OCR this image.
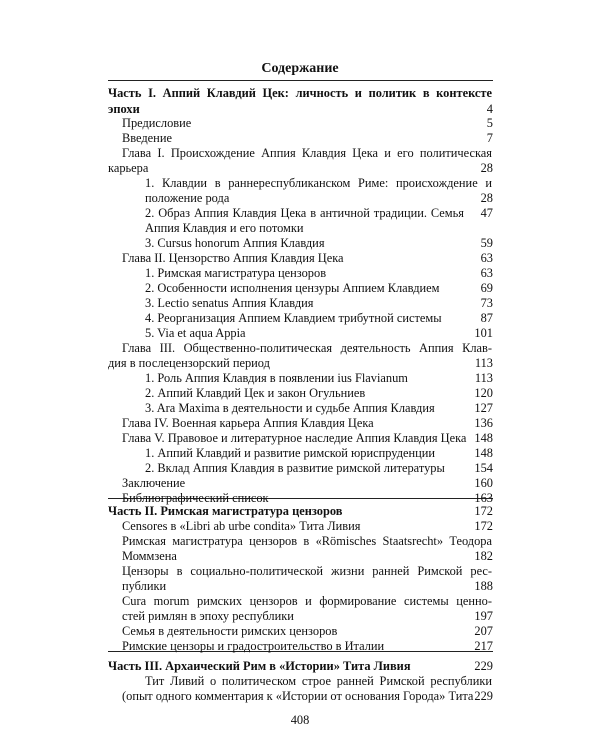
Содержание
Часть I. Аппий Клавдий Цек: личность и политик в контексте
эпохи	4
Предисловие	5
Введение	7
Глава I. Происхождение Аппия Клавдия Цека и его политическая
карьера	28
1. Клавдии в раннереспубликанском Риме: происхождение и
положение рода	28
2. Образ Аппия Клавдия Цека в античной традиции. Семья 47
Аппия Клавдия и его потомки
3. Cursus honorum Аппия Клавдия	59
Глава II. Цензорство Аппия Клавдия Цека	63
1. Римская магистратура цензоров	63
2. Особенности исполнения цензуры Аппием Клавдием	69
3. Lectio senatus Аппия Клавдия	73
4. Реорганизация Аппием Клавдием трибутной системы	87
5. Via et aqua Appia	101
Глава III. Общественно-политическая деятельность Аппия Клав-
дия в послецензорский период	113
1. Роль Аппия Клавдия в появлении ius Flavianum	113
2. Аппий Клавдий Цек и закон Огульниев	120
3. Ara Maxima в деятельности и судьбе Аппия Клавдия	127
Глава IV. Военная карьера Аппия Клавдия Цека	136
Глава V. Правовое и литературное наследие Аппия Клавдия Цека 148
1. Аппий Клавдий и развитие римской юриспруденции	148
2. Вклад Аппия Клавдия в развитие римской литературы 154
Заключение	160
Библиографический список	163
Часть II. Римская магистратура цензоров	172
Censores в «Libri ab urbe condita» Тита Ливия	172
Римская магистратура цензоров в «Römisches Staatsrecht» Теодора
Моммзена	182
Цензоры в социально-политической жизни ранней Римской рес-
публики	188
Cura morum римских цензоров и формирование системы ценно-
стей римлян в эпоху республики	197
Семья в деятельности римских цензоров	207
Римские цензоры и градостроительство в Италии	217
Часть III. Архаический Рим в «Истории» Тита Ливия	229
Тит Ливий о политическом строе ранней Римской республики
(опыт одного комментария к «Истории от основания Города» Тита 229
408
